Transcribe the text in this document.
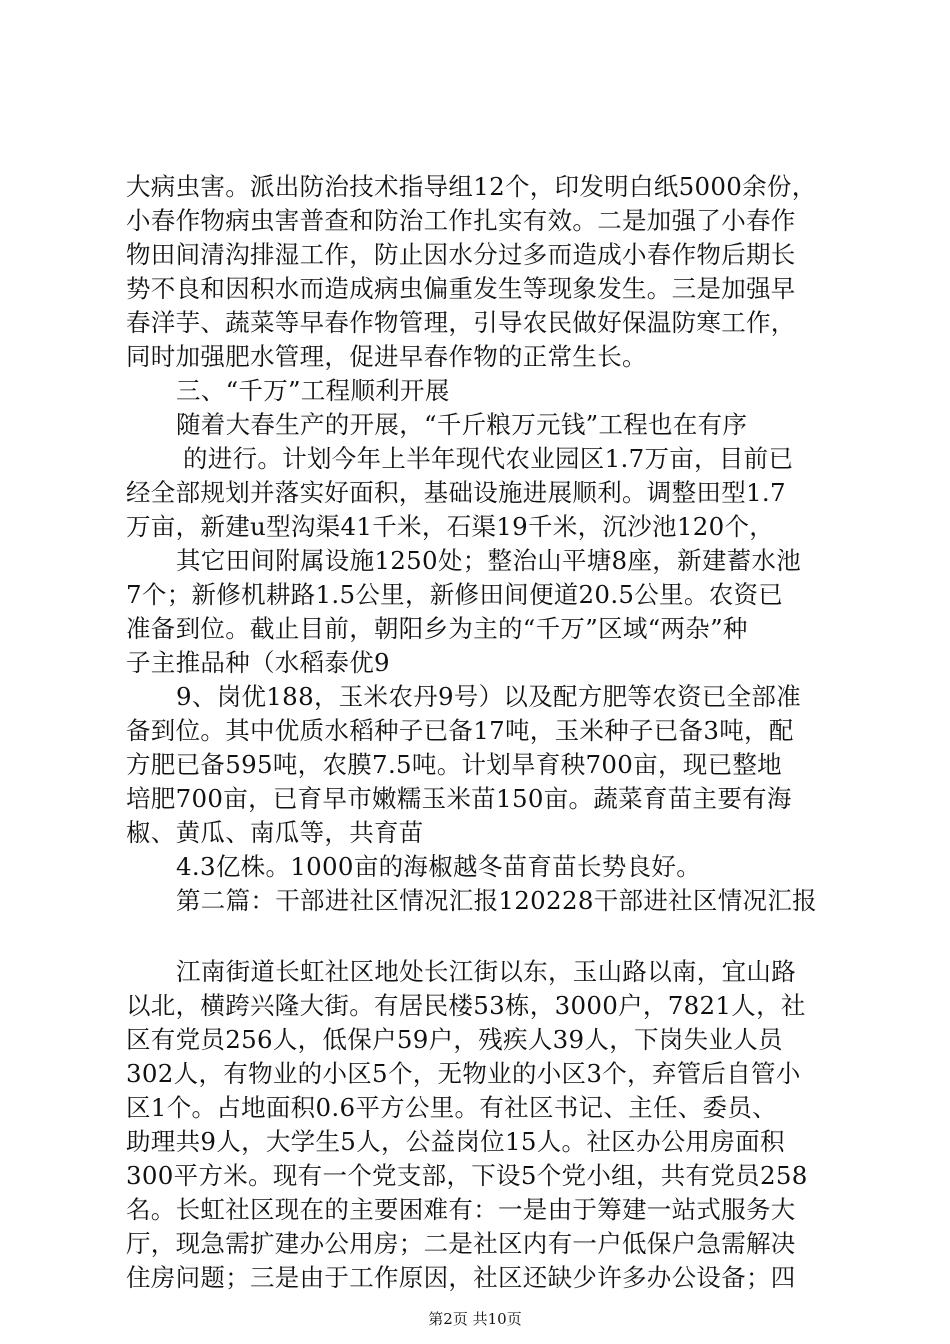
大病虫害。派出防治技术指导组12个，印发明白纸5000余份，
小春作物病虫害普查和防治工作扎实有效。二是加强了小春作
物田间清沟排湿工作，防止因水分过多而造成小春作物后期长
势不良和因积水而造成病虫偏重发生等现象发生。三是加强早
春洋芋、蔬菜等早春作物管理，引导农民做好保温防寒工作，
同时加强肥水管理，促进早春作物的正常生长。
三、“千万”工程顺利开展
随着大春生产的开展，“千斤粮万元钱”工程也在有序
的进行。计划今年上半年现代农业园区1.7万亩，目前已
经全部规划并落实好面积，基础设施进展顺利。调整田型1.7
万亩，新建u型沟渠41千米，石渠19千米，沉沙池120个，
其它田间附属设施1250处；整治山平塘8座，新建蓄水池
7个；新修机耕路1.5公里，新修田间便道20.5公里。农资已
准备到位。截止目前，朝阳乡为主的“千万”区域“两杂”种
子主推品种（水稻泰优9
9、岗优188，玉米农丹9号）以及配方肥等农资已全部准
备到位。其中优质水稻种子已备17吨，玉米种子已备3吨，配
方肥已备595吨，农膜7.5吨。计划旱育秧700亩，现已整地
培肥700亩，已育早市嫩糯玉米苗150亩。蔬菜育苗主要有海
椒、黄瓜、南瓜等，共育苗
4.3亿株。1000亩的海椒越冬苗育苗长势良好。
第二篇：干部进社区情况汇报120228干部进社区情况汇报
江南街道长虹社区地处长江街以东，玉山路以南，宜山路
以北，横跨兴隆大街。有居民楼53栋，3000户，7821人，社
区有党员256人，低保户59户，残疾人39人，下岗失业人员
302人，有物业的小区5个，无物业的小区3个，弃管后自管小
区1个。占地面积0.6平方公里。有社区书记、主任、委员、
助理共9人，大学生5人，公益岗位15人。社区办公用房面积
300平方米。现有一个党支部，下设5个党小组，共有党员258
名。长虹社区现在的主要困难有：一是由于筹建一站式服务大
厅，现急需扩建办公用房；二是社区内有一户低保户急需解决
住房问题；三是由于工作原因，社区还缺少许多办公设备；四
第2页 共10页
